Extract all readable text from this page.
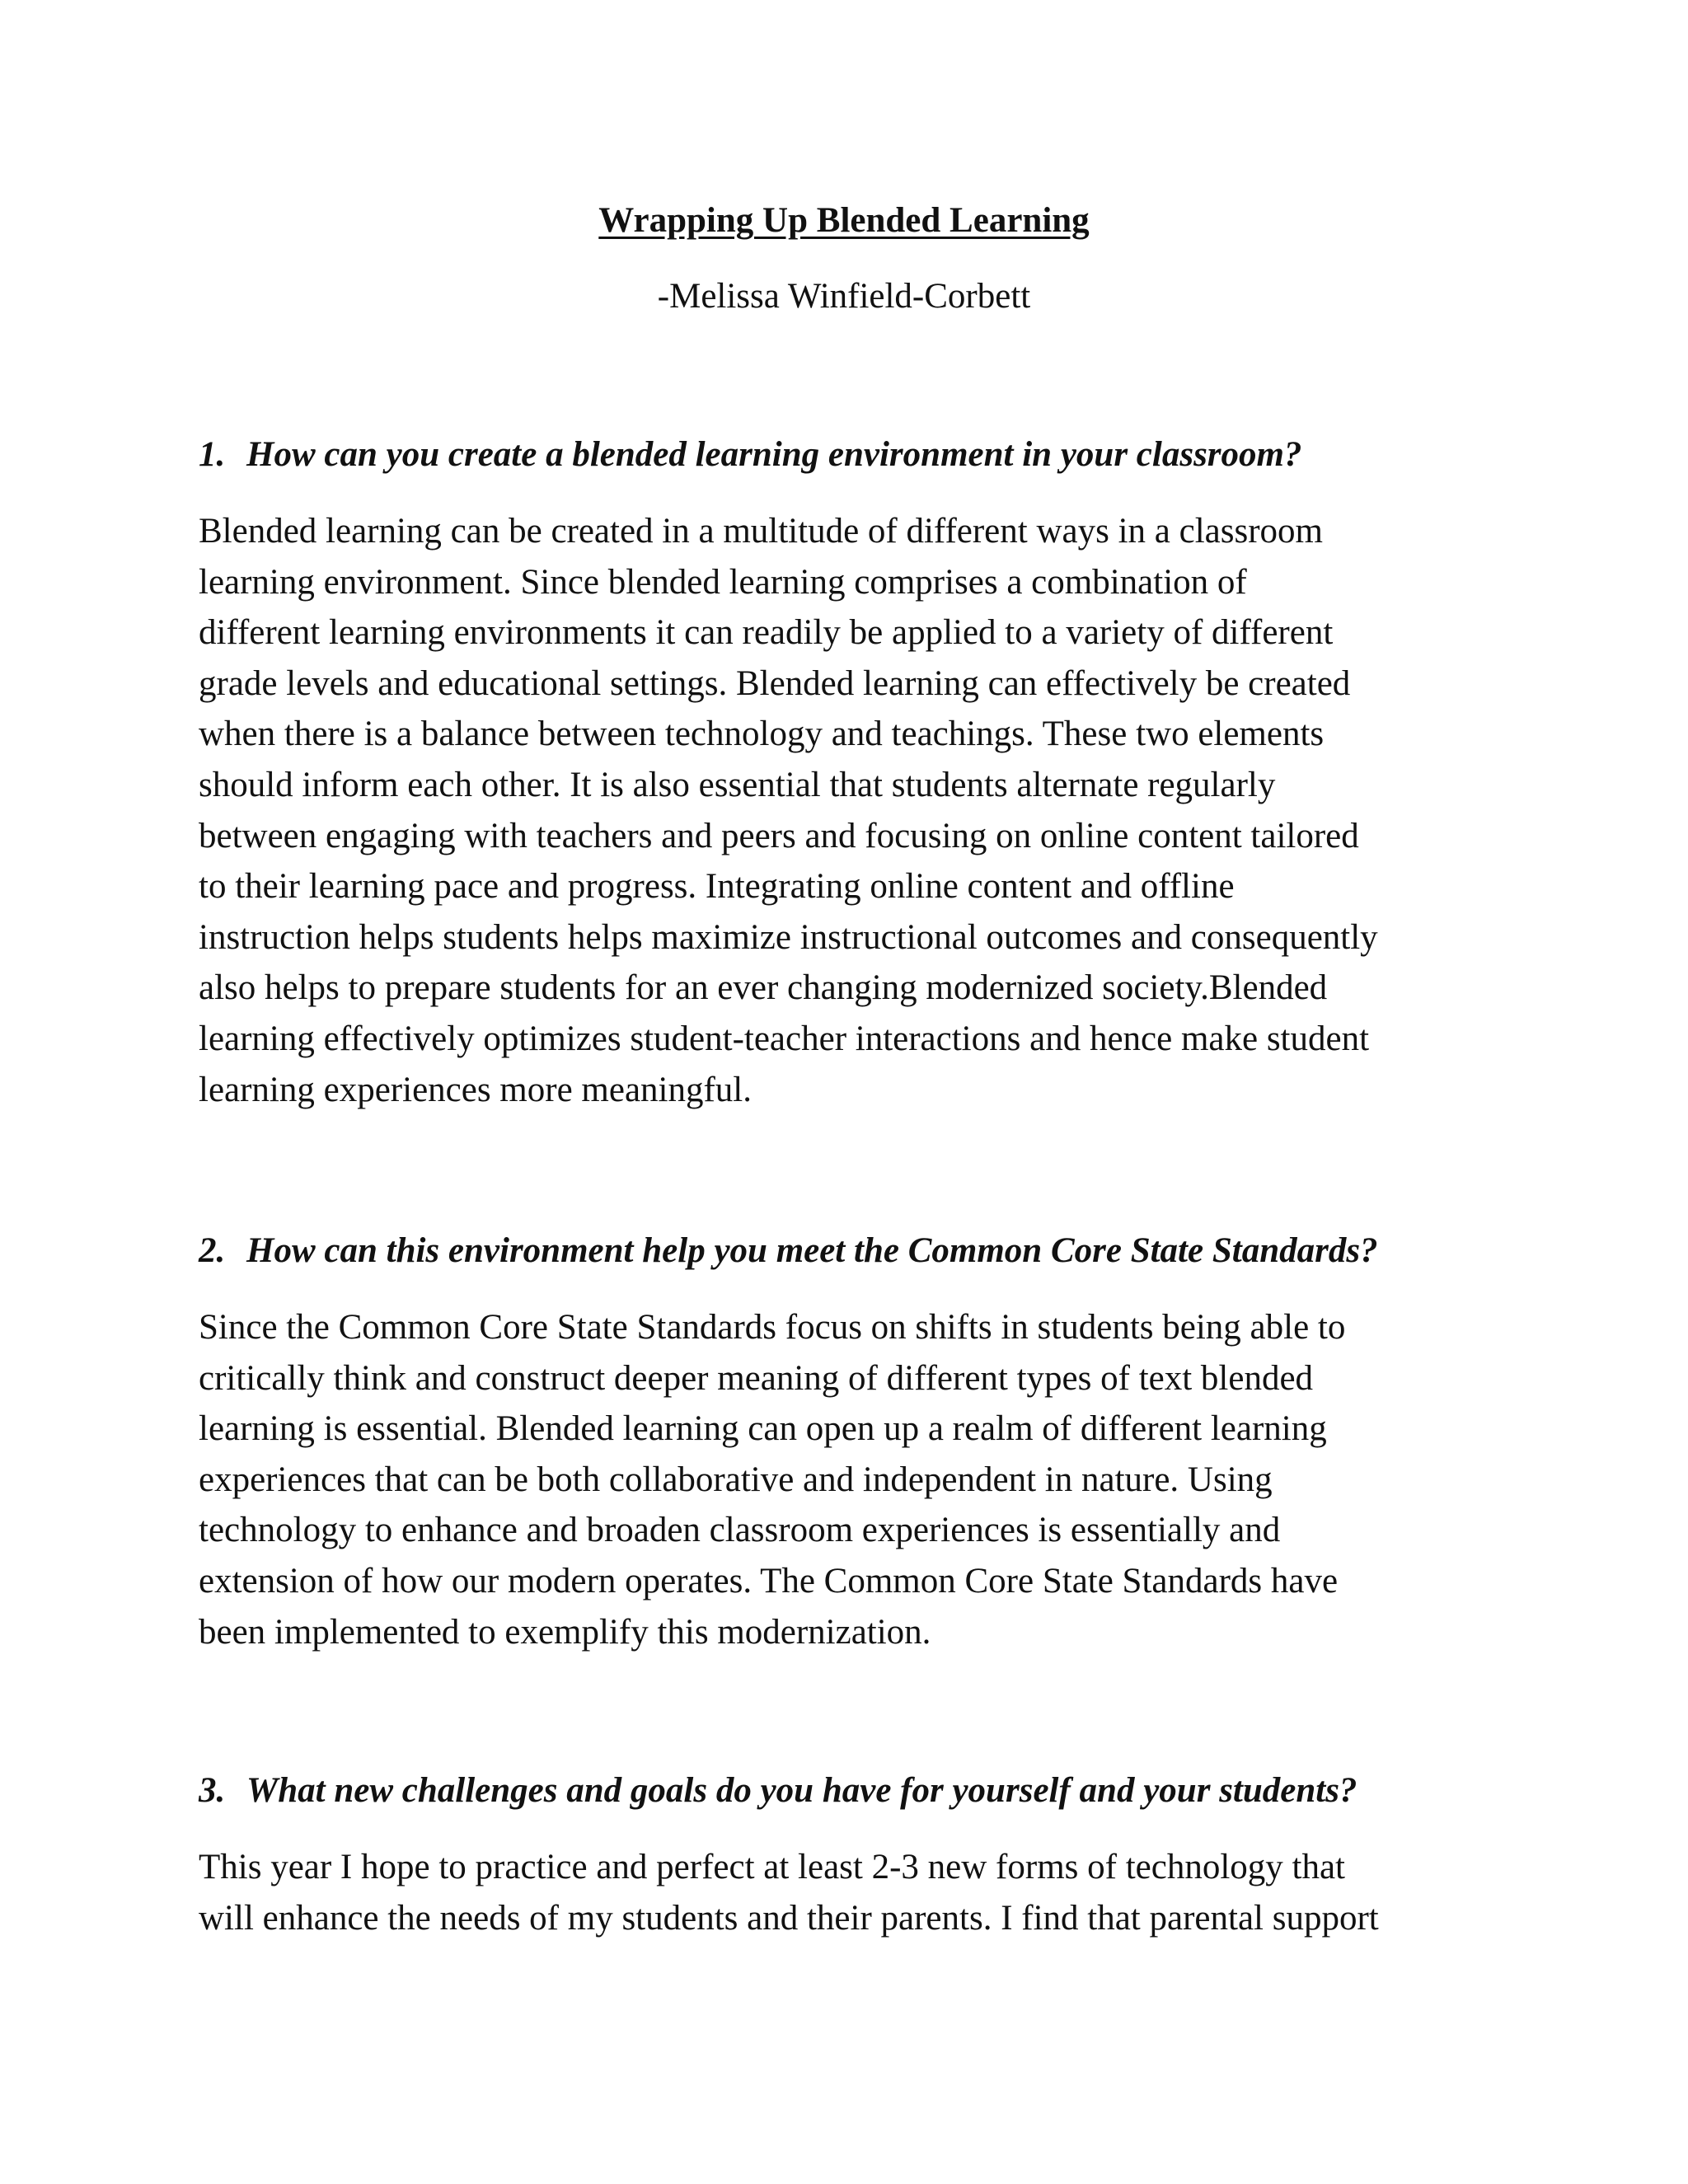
Wrapping Up Blended Learning

-Melissa Winfield-Corbett

1. How can you create a blended learning environment in your classroom?

Blended learning can be created in a multitude of different ways in a classroom
learning environment. Since blended learning comprises a combination of
different learning environments it can readily be applied to a variety of different
grade levels and educational settings. Blended learning can effectively be created
when there is a balance between technology and teachings. These two elements
should inform each other. It is also essential that students alternate regularly
between engaging with teachers and peers and focusing on online content tailored
to their learning pace and progress. Integrating online content and offline
instruction helps students helps maximize instructional outcomes and consequently
also helps to prepare students for an ever changing modernized society.Blended
learning effectively optimizes student-teacher interactions and hence make student
learning experiences more meaningful.

2. How can this environment help you meet the Common Core State Standards?

Since the Common Core State Standards focus on shifts in students being able to
critically think and construct deeper meaning of different types of text blended
learning is essential. Blended learning can open up a realm of different learning
experiences that can be both collaborative and independent in nature. Using
technology to enhance and broaden classroom experiences is essentially and
extension of how our modern operates. The Common Core State Standards have
been implemented to exemplify this modernization.

3. What new challenges and goals do you have for yourself and your students?

This year I hope to practice and perfect at least 2-3 new forms of technology that
will enhance the needs of my students and their parents. I find that parental support
